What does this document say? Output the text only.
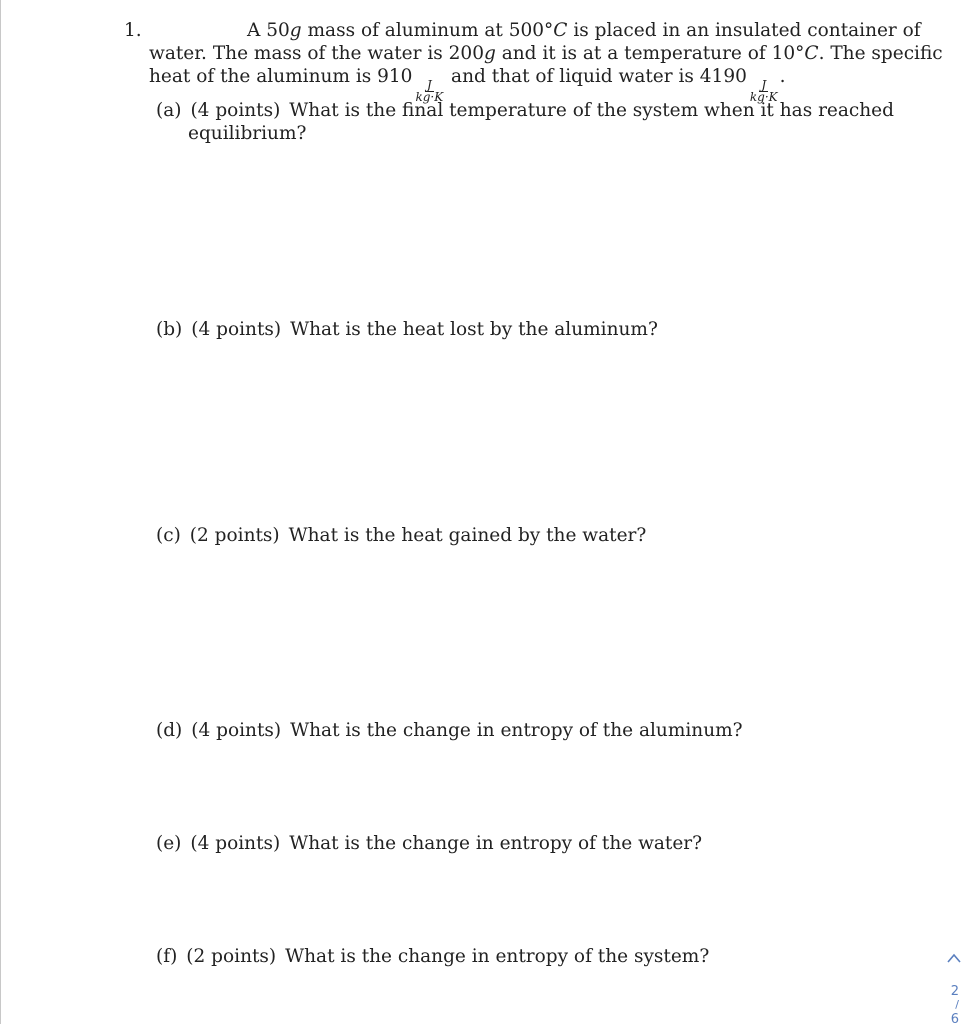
1.	A 50g mass of aluminum at 500°C is placed in an insulated container of
water. The mass of the water is 200g and it is at a temperature of 10°C. The specific
heat of the aluminum is 910
$\frac{J}{kg\cdot K}$
and that of liquid water is 4190
$\frac{J}{kg\cdot K}$
.
(a) (4 points) What is the final temperature of the system when it has reached
equilibrium?
(b) (4 points) What is the heat lost by the aluminum?
(c) (2 points) What is the heat gained by the water?
(d) (4 points) What is the change in entropy of the aluminum?
(e) (4 points) What is the change in entropy of the water?
(f) (2 points) What is the change in entropy of the system?
2
/
6
